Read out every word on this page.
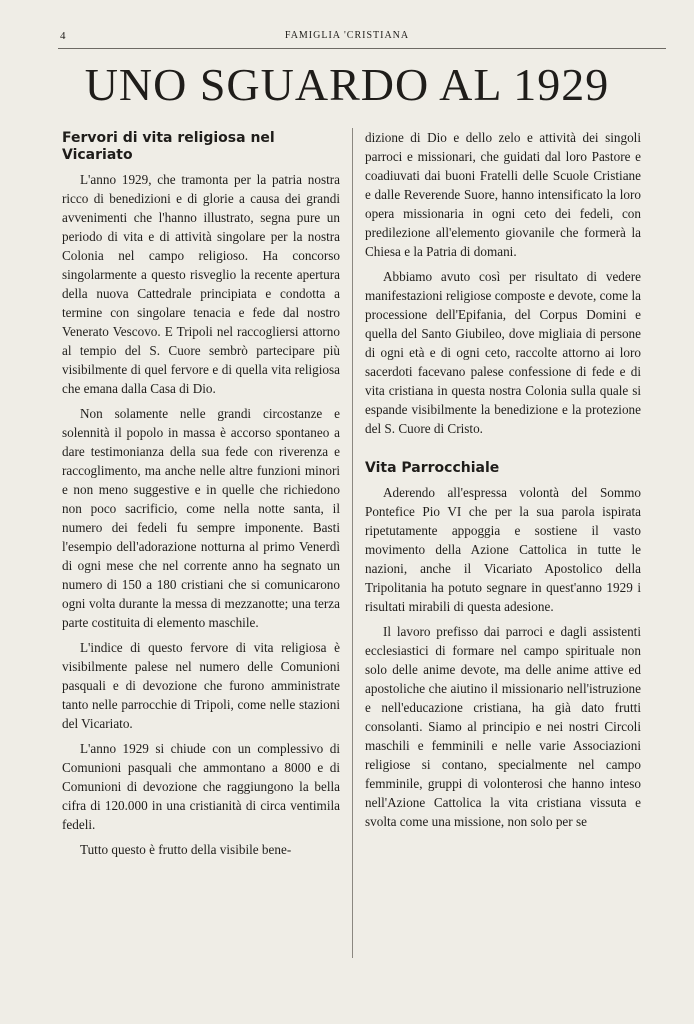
4	FAMIGLIA 'CRISTIANA
UNO SGUARDO AL 1929
Fervori di vita religiosa nel Vicariato

L'anno 1929, che tramonta per la patria nostra ricco di benedizioni e di glorie a causa dei grandi avvenimenti che l'hanno illustrato, segna pure un periodo di vita e di attività singolare per la nostra Colonia nel campo religioso. Ha concorso singolarmente a questo risveglio la recente apertura della nuova Cattedrale principiata e condotta a termine con singolare tenacia e fede dal nostro Venerato Vescovo. E Tripoli nel raccogliersi attorno al tempio del S. Cuore sembrò partecipare più visibilmente di quel fervore e di quella vita religiosa che emana dalla Casa di Dio.

Non solamente nelle grandi circostanze e solennità il popolo in massa è accorso spontaneo a dare testimonianza della sua fede con riverenza e raccoglimento, ma anche nelle altre funzioni minori e non meno suggestive e in quelle che richiedono non poco sacrificio, come nella notte santa, il numero dei fedeli fu sempre imponente. Basti l'esempio dell'adorazione notturna al primo Venerdì di ogni mese che nel corrente anno ha segnato un numero di 150 a 180 cristiani che si comunicarono ogni volta durante la messa di mezzanotte; una terza parte costituita di elemento maschile.

L'indice di questo fervore di vita religiosa è visibilmente palese nel numero delle Comunioni pasquali e di devozione che furono amministrate tanto nelle parrocchie di Tripoli, come nelle stazioni del Vicariato.

L'anno 1929 si chiude con un complessivo di Comunioni pasquali che ammontano a 8000 e di Comunioni di devozione che raggiungono la bella cifra di 120.000 in una cristianità di circa ventimila fedeli.

Tutto questo è frutto della visibile bene-

dizione di Dio e dello zelo e attività dei singoli parroci e missionari, che guidati dal loro Pastore e coadiuvati dai buoni Fratelli delle Scuole Cristiane e dalle Reverende Suore, hanno intensificato la loro opera missionaria in ogni ceto dei fedeli, con predilezione all'elemento giovanile che formerà la Chiesa e la Patria di domani.

Abbiamo avuto così per risultato di vedere manifestazioni religiose composte e devote, come la processione dell'Epifania, del Corpus Domini e quella del Santo Giubileo, dove migliaia di persone di ogni età e di ogni ceto, raccolte attorno ai loro sacerdoti facevano palese confessione di fede e di vita cristiana in questa nostra Colonia sulla quale si espande visibilmente la benedizione e la protezione del S. Cuore di Cristo.

Vita Parrocchiale

Aderendo all'espressa volontà del Sommo Pontefice Pio VI che per la sua parola ispirata ripetutamente appoggia e sostiene il vasto movimento della Azione Cattolica in tutte le nazioni, anche il Vicariato Apostolico della Tripolitania ha potuto segnare in quest'anno 1929 i risultati mirabili di questa adesione.

Il lavoro prefisso dai parroci e dagli assistenti ecclesiastici di formare nel campo spirituale non solo delle anime devote, ma delle anime attive ed apostoliche che aiutino il missionario nell'istruzione e nell'educazione cristiana, ha già dato frutti consolanti. Siamo al principio e nei nostri Circoli maschili e femminili e nelle varie Associazioni religiose si contano, specialmente nel campo femminile, gruppi di volonterosi che hanno inteso nell'Azione Cattolica la vita cristiana vissuta e svolta come una missione, non solo per se
